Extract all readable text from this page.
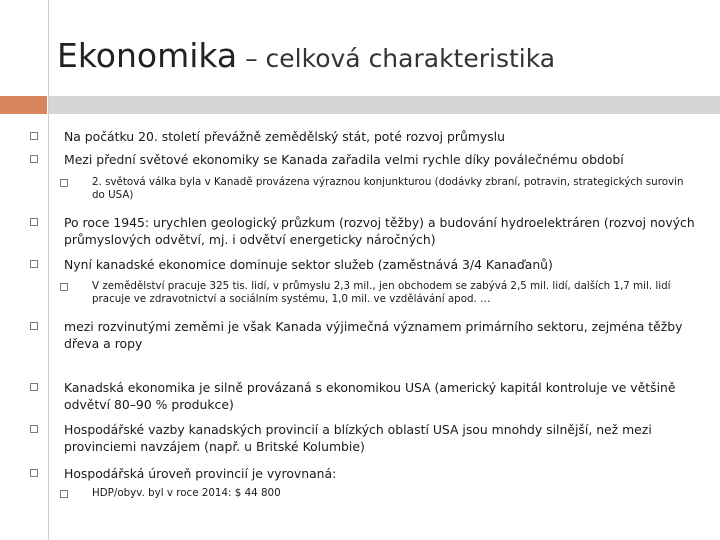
Ekonomika – celková charakteristika
Na počátku 20. století převážně zemědělský stát, poté rozvoj průmyslu
Mezi přední světové ekonomiky se Kanada zařadila velmi rychle díky poválečnému období
2. světová válka byla v Kanadě provázena výraznou konjunkturou (dodávky zbraní, potravin, strategických surovin do USA)
Po roce 1945: urychlen geologický průzkum (rozvoj těžby) a budování hydroelektráren (rozvoj nových průmyslových odvětví, mj. i odvětví energeticky náročných)
Nyní kanadské ekonomice dominuje sektor služeb (zaměstnává 3/4 Kanaďanů)
V zemědělství pracuje 325 tis. lidí, v průmyslu 2,3 mil., jen obchodem se zabývá 2,5 mil. lidí, dalších 1,7 mil. lidí pracuje ve zdravotnictví a sociálním systému, 1,0 mil. ve vzdělávání apod. …
mezi rozvinutými zeměmi je však Kanada výjimečná významem primárního sektoru, zejména těžby dřeva a ropy
Kanadská ekonomika je silně provázaná s ekonomikou USA (americký kapitál kontroluje ve většině odvětví 80–90 % produkce)
Hospodářské vazby kanadských provincií a blízkých oblastí USA jsou mnohdy silnější, než mezi provinciemi navzájem (např. u Britské Kolumbie)
Hospodářská úroveň provincií je vyrovnaná:
HDP/obyv. byl v roce 2014: $ 44 800
